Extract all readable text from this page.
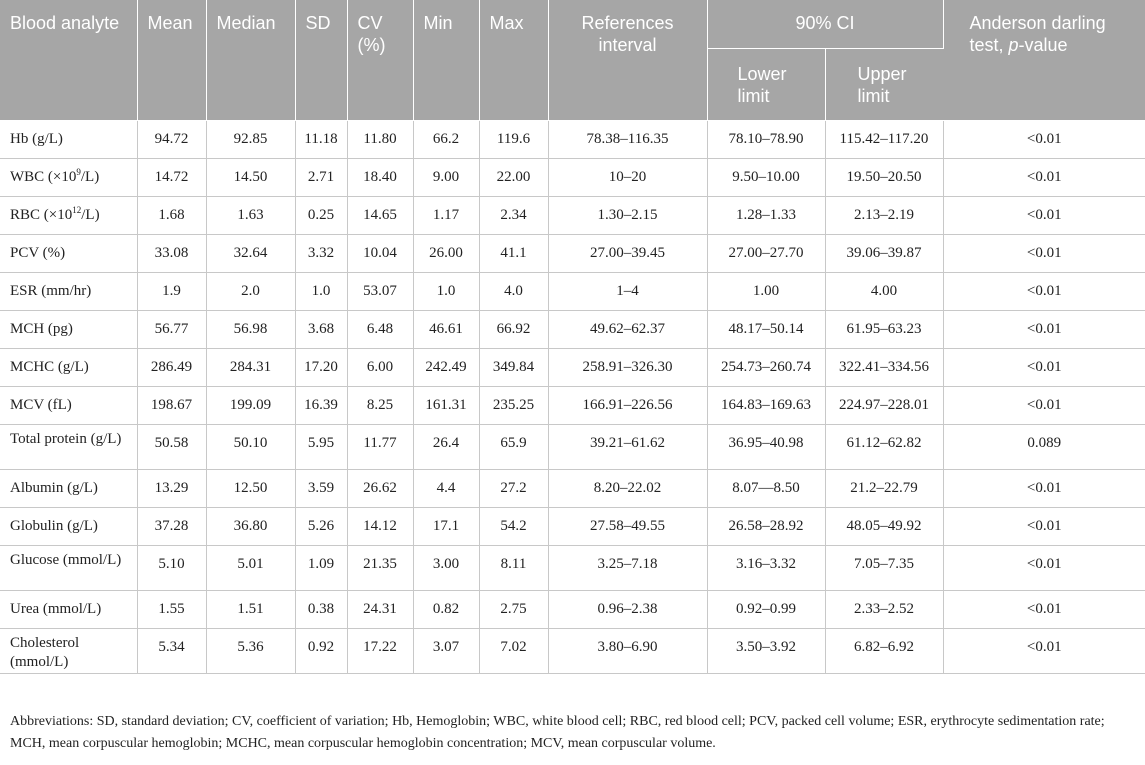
Blood analyte	Mean	Median	SD	CV (%)	Min	Max	References interval	90% CI		Anderson darling test, p-value
								Lower limit	Upper limit	
Hb (g/L)	94.72	92.85	11.18	11.80	66.2	119.6	78.38–116.35	78.10–78.90	115.42–117.20	<0.01
WBC $(\times 10^9/L)$	14.72	14.50	2.71	18.40	9.00	22.00	10–20	9.50–10.00	19.50–20.50	<0.01
RBC $(\times 10^{12}/L)$	1.68	1.63	0.25	14.65	1.17	2.34	1.30–2.15	1.28–1.33	2.13–2.19	<0.01
PCV (%)	33.08	32.64	3.32	10.04	26.00	41.1	27.00–39.45	27.00–27.70	39.06–39.87	<0.01
ESR (mm/hr)	1.9	2.0	1.0	53.07	1.0	4.0	1–4	1.00	4.00	<0.01
MCH (pg)	56.77	56.98	3.68	6.48	46.61	66.92	49.62–62.37	48.17–50.14	61.95–63.23	<0.01
MCHC (g/L)	286.49	284.31	17.20	6.00	242.49	349.84	258.91–326.30	254.73–260.74	322.41–334.56	<0.01
MCV (fL)	198.67	199.09	16.39	8.25	161.31	235.25	166.91–226.56	164.83–169.63	224.97–228.01	<0.01
Total protein (g/L)	50.58	50.10	5.95	11.77	26.4	65.9	39.21–61.62	36.95–40.98	61.12–62.82	0.089
Albumin (g/L)	13.29	12.50	3.59	26.62	4.4	27.2	8.20–22.02	8.07—8.50	21.2–22.79	<0.01
Globulin (g/L)	37.28	36.80	5.26	14.12	17.1	54.2	27.58–49.55	26.58–28.92	48.05–49.92	<0.01
Glucose (mmol/L)	5.10	5.01	1.09	21.35	3.00	8.11	3.25–7.18	3.16–3.32	7.05–7.35	<0.01
Urea (mmol/L)	1.55	1.51	0.38	24.31	0.82	2.75	0.96–2.38	0.92–0.99	2.33–2.52	<0.01
Cholesterol (mmol/L)	5.34	5.36	0.92	17.22	3.07	7.02	3.80–6.90	3.50–3.92	6.82–6.92	<0.01

Abbreviations: SD, standard deviation; CV, coefficient of variation; Hb, Hemoglobin; WBC, white blood cell; RBC, red blood cell; PCV, packed cell volume; ESR, erythrocyte sedimentation rate; MCH, mean corpuscular hemoglobin; MCHC, mean corpuscular hemoglobin concentration; MCV, mean corpuscular volume.
